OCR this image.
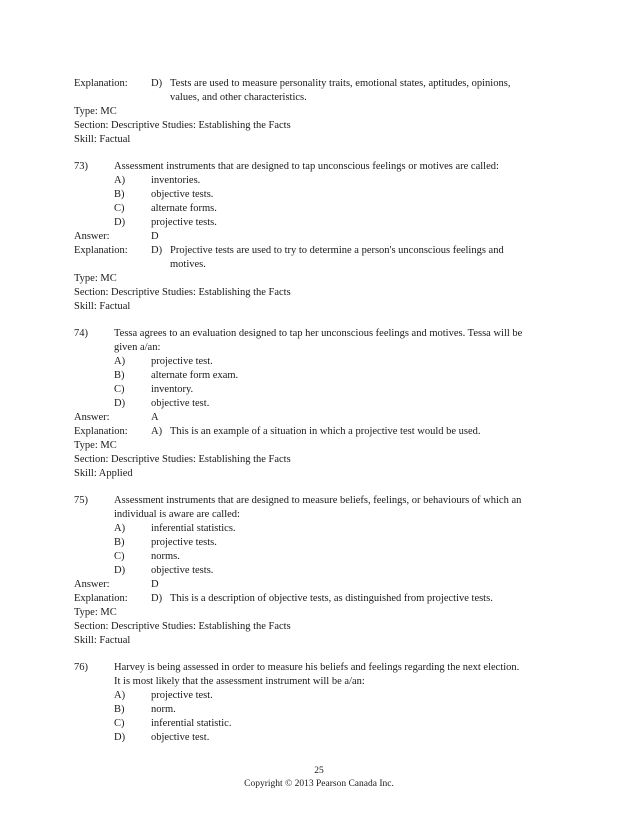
Explanation: D) Tests are used to measure personality traits, emotional states, aptitudes, opinions,
values, and other characteristics.
Type: MC
Section: Descriptive Studies: Establishing the Facts
Skill: Factual
73) Assessment instruments that are designed to tap unconscious feelings or motives are called:
A) inventories.
B)	objective tests.
C)	alternate forms.
D) projective tests.
Answer:	D
Explanation: D) Projective tests are used to try to determine a person's unconscious feelings and
motives.
Type: MC
Section: Descriptive Studies: Establishing the Facts
Skill: Factual
74) Tessa agrees to an evaluation designed to tap her unconscious feelings and motives. Tessa will be
given a/an:
A) projective test.
B)	alternate form exam.
C)	inventory.
D) objective test.
Answer:	A
Explanation: A) This is an example of a situation in which a projective test would be used.
Type: MC
Section: Descriptive Studies: Establishing the Facts
Skill: Applied
75) Assessment instruments that are designed to measure beliefs, feelings, or behaviours of which an
individual is aware are called:
A) inferential statistics.
B)	projective tests.
C)	norms.
D) objective tests.
Answer:	D
Explanation: D) This is a description of objective tests, as distinguished from projective tests.
Type: MC
Section: Descriptive Studies: Establishing the Facts
Skill: Factual
76) Harvey is being assessed in order to measure his beliefs and feelings regarding the next election.
It is most likely that the assessment instrument will be a/an:
A) projective test.
B)	norm.
C)	inferential statistic.
D) objective test.
25
Copyright © 2013 Pearson Canada Inc.
